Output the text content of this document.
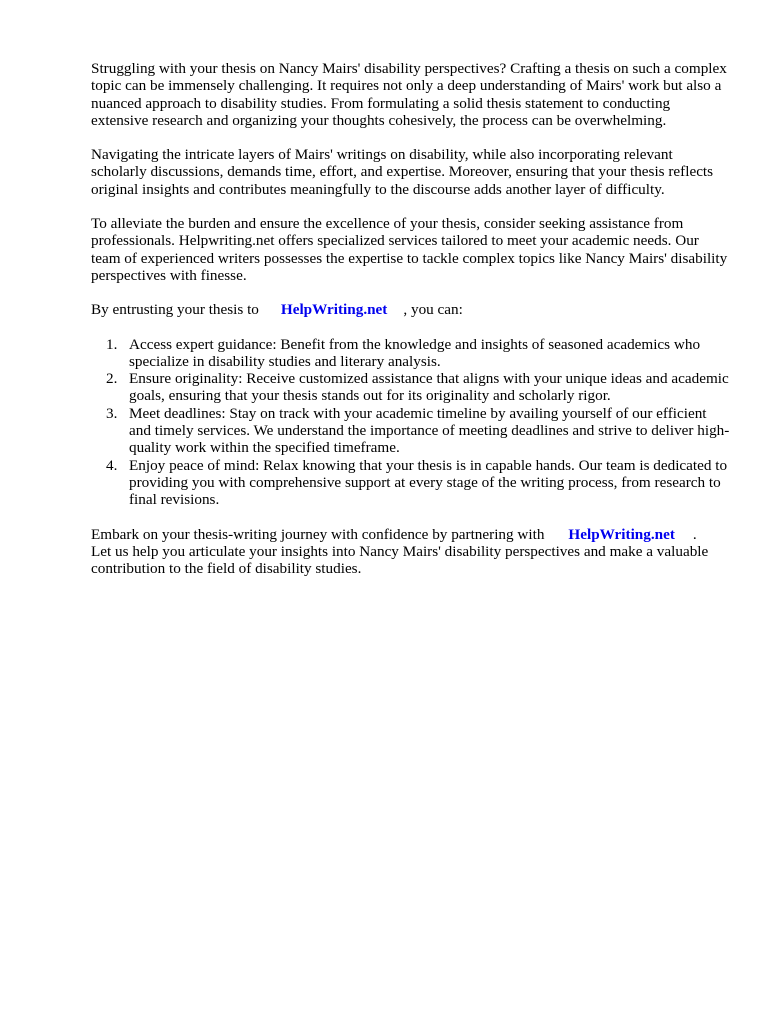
Struggling with your thesis on Nancy Mairs' disability perspectives? Crafting a thesis on such a complex topic can be immensely challenging. It requires not only a deep understanding of Mairs' work but also a nuanced approach to disability studies. From formulating a solid thesis statement to conducting extensive research and organizing your thoughts cohesively, the process can be overwhelming.

Navigating the intricate layers of Mairs' writings on disability, while also incorporating relevant scholarly discussions, demands time, effort, and expertise. Moreover, ensuring that your thesis reflects original insights and contributes meaningfully to the discourse adds another layer of difficulty.

To alleviate the burden and ensure the excellence of your thesis, consider seeking assistance from professionals. Helpwriting.net offers specialized services tailored to meet your academic needs. Our team of experienced writers possesses the expertise to tackle complex topics like Nancy Mairs' disability perspectives with finesse.

By entrusting your thesis to HelpWriting.net , you can:

1. Access expert guidance: Benefit from the knowledge and insights of seasoned academics who specialize in disability studies and literary analysis.
2. Ensure originality: Receive customized assistance that aligns with your unique ideas and academic goals, ensuring that your thesis stands out for its originality and scholarly rigor.
3. Meet deadlines: Stay on track with your academic timeline by availing yourself of our efficient and timely services. We understand the importance of meeting deadlines and strive to deliver high-quality work within the specified timeframe.
4. Enjoy peace of mind: Relax knowing that your thesis is in capable hands. Our team is dedicated to providing you with comprehensive support at every stage of the writing process, from research to final revisions.

Embark on your thesis-writing journey with confidence by partnering with HelpWriting.net .
Let us help you articulate your insights into Nancy Mairs' disability perspectives and make a valuable contribution to the field of disability studies.
